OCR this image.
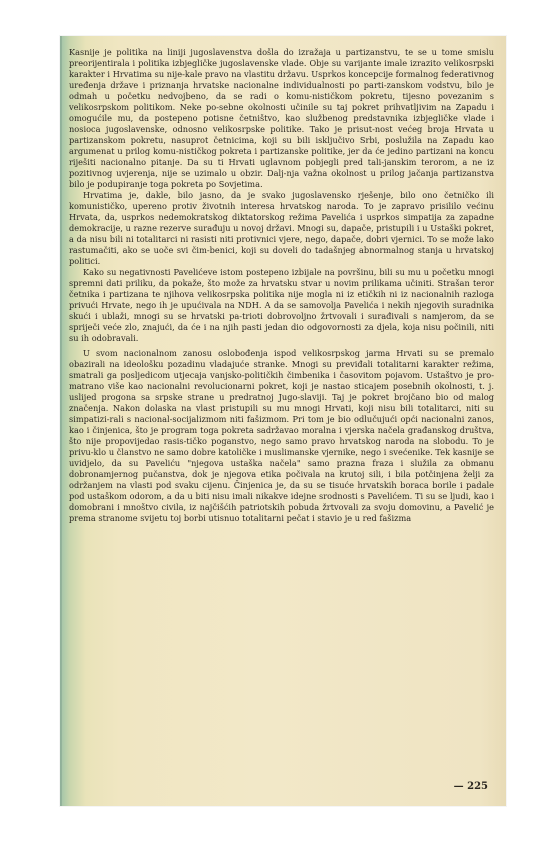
Kasnije je politika na liniji jugoslavenstva došla do izražaja u partizanstvu, te se u tome smislu preorijentirala i politika izbjegličke jugoslavenske vlade. Obje su varijante imale izrazito velikosrpski karakter i Hrvatima su nije-kale pravo na vlastitu državu. Usprkos koncepcije formalnog federativnog uređenja države i priznanja hrvatske nacionalne individualnosti po parti-zanskom vodstvu, bilo je odmah u početku nedvojbeno, da se radi o komu-nističkom pokretu, tijesno povezanim s velikosrpskom politikom. Neke po-sebne okolnosti učinile su taj pokret prihvatljivim na Zapadu i omogućile mu, da postepeno potisne četništvo, kao službenog predstavnika izbjegličke vlade i nosioca jugoslavenske, odnosno velikosrpske politike. Tako je prisut-nost većeg broja Hrvata u partizanskom pokretu, nasuprot četnicima, koji su bili isključivo Srbi, poslužila na Zapadu kao argumenat u prilog komu-nističkog pokreta i partizanske politike, jer da će jedino partizani na koncu riješiti nacionalno pitanje. Da su ti Hrvati uglavnom pobjegli pred tali-janskim terorom, a ne iz pozitivnog uvjerenja, nije se uzimalo u obzir. Dalj-nja važna okolnost u prilog jačanja partizanstva bilo je podupiranje toga pokreta po Sovjetima.

Hrvatima je, dakle, bilo jasno, da je svako jugoslavensko rješenje, bilo ono četničko ili komunističko, upereno protiv životnih interesa hrvatskog naroda. To je zapravo prisililo većinu Hrvata, da, usprkos nedemokratskog diktatorskog režima Pavelića i usprkos simpatija za zapadne demokracije, u razne rezerve surađuju u novoj državi. Mnogi su, dapače, pristupili i u Ustaški pokret, a da nisu bili ni totalitarci ni rasisti niti protivnici vjere, nego, dapače, dobri vjernici. To se može lako rastumačiti, ako se uoče svi čim-benici, koji su doveli do tadašnjeg abnormalnog stanja u hrvatskoj politici.

Kako su negativnosti Pavelićeve istom postepeno izbijale na površinu, bili su mu u početku mnogi spremni dati priliku, da pokaže, što može za hrvatsku stvar u novim prilikama učiniti. Strašan teror četnika i partizana te njihova velikosrpska politika nije mogla ni iz etičkih ni iz nacionalnih razloga privući Hrvate, nego ih je upućivala na NDH. A da se samovolja Pavelića i nekih njegovih suradnika skući i ublaži, mnogi su se hrvatski pa-trioti dobrovoljno žrtvovali i surađivali s namjerom, da se spriječi veće zlo, znajući, da će i na njih pasti jedan dio odgovornosti za djela, koja nisu počinili, niti su ih odobravali.

U svom nacionalnom zanosu oslobođenja ispod velikosrpskog jarma Hrvati su se premalo obazirali na ideološku pozadinu vladajuće stranke. Mnogi su previđali totalitarni karakter režima, smatrali ga posljedicom utjecaja vanjsko-političkih čimbenika i časovitom pojavom. Ustaštvo je pro-matrano više kao nacionalni revolucionarni pokret, koji je nastao sticajem posebnih okolnosti, t. j. uslijed progona sa srpske strane u predratnoj Jugo-slaviji. Taj je pokret brojčano bio od malog značenja. Nakon dolaska na vlast pristupili su mu mnogi Hrvati, koji nisu bili totalitarci, niti su simpatizi-rali s nacional-socijalizmom niti fašizmom. Pri tom je bio odlučujući opći nacionalni zanos, kao i činjenica, što je program toga pokreta sadržavao moralna i vjerska načela građanskog društva, što nije propovijedao rasis-tičko poganstvo, nego samo pravo hrvatskog naroda na slobodu. To je privu-klo u članstvo ne samo dobre katoličke i muslimanske vjernike, nego i svećenike. Tek kasnije se uvidjelo, da su Paveliću "njegova ustaška načela" samo prazna fraza i služila za obmanu dobronamjernog pučanstva, dok je njegova etika počivala na krutoj sili, i bila potčinjena želji za održanjem na vlasti pod svaku cijenu. Činjenica je, da su se tisuće hrvatskih boraca borile i padale pod ustaškom odorom, a da u biti nisu imali nikakve idejne srodnosti s Pavelićem. Ti su se ljudi, kao i domobrani i mnoštvo civila, iz najčišćih patriotskih pobuda žrtvovali za svoju domovinu, a Pavelić je prema stranome svijetu toj borbi utisnuo totalitarni pečat i stavio je u red fašizma

— 225
